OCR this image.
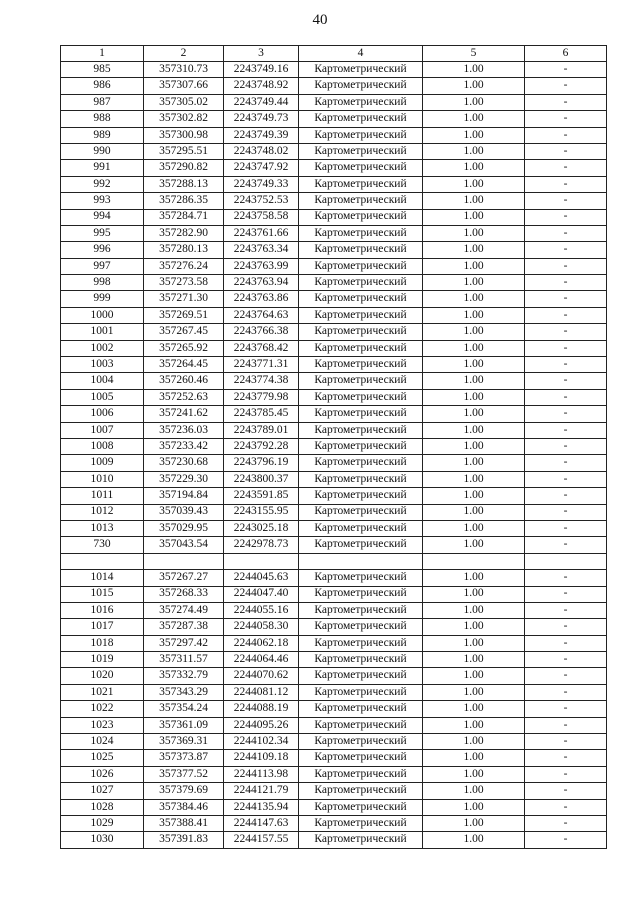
40
1	2	3	4	5	6
985	357310.73	2243749.16	Картометрический	1.00	-
986	357307.66	2243748.92	Картометрический	1.00	-
987	357305.02	2243749.44	Картометрический	1.00	-
988	357302.82	2243749.73	Картометрический	1.00	-
989	357300.98	2243749.39	Картометрический	1.00	-
990	357295.51	2243748.02	Картометрический	1.00	-
991	357290.82	2243747.92	Картометрический	1.00	-
992	357288.13	2243749.33	Картометрический	1.00	-
993	357286.35	2243752.53	Картометрический	1.00	-
994	357284.71	2243758.58	Картометрический	1.00	-
995	357282.90	2243761.66	Картометрический	1.00	-
996	357280.13	2243763.34	Картометрический	1.00	-
997	357276.24	2243763.99	Картометрический	1.00	-
998	357273.58	2243763.94	Картометрический	1.00	-
999	357271.30	2243763.86	Картометрический	1.00	-
1000	357269.51	2243764.63	Картометрический	1.00	-
1001	357267.45	2243766.38	Картометрический	1.00	-
1002	357265.92	2243768.42	Картометрический	1.00	-
1003	357264.45	2243771.31	Картометрический	1.00	-
1004	357260.46	2243774.38	Картометрический	1.00	-
1005	357252.63	2243779.98	Картометрический	1.00	-
1006	357241.62	2243785.45	Картометрический	1.00	-
1007	357236.03	2243789.01	Картометрический	1.00	-
1008	357233.42	2243792.28	Картометрический	1.00	-
1009	357230.68	2243796.19	Картометрический	1.00	-
1010	357229.30	2243800.37	Картометрический	1.00	-
1011	357194.84	2243591.85	Картометрический	1.00	-
1012	357039.43	2243155.95	Картометрический	1.00	-
1013	357029.95	2243025.18	Картометрический	1.00	-
730	357043.54	2242978.73	Картометрический	1.00	-

1014	357267.27	2244045.63	Картометрический	1.00	-
1015	357268.33	2244047.40	Картометрический	1.00	-
1016	357274.49	2244055.16	Картометрический	1.00	-
1017	357287.38	2244058.30	Картометрический	1.00	-
1018	357297.42	2244062.18	Картометрический	1.00	-
1019	357311.57	2244064.46	Картометрический	1.00	-
1020	357332.79	2244070.62	Картометрический	1.00	-
1021	357343.29	2244081.12	Картометрический	1.00	-
1022	357354.24	2244088.19	Картометрический	1.00	-
1023	357361.09	2244095.26	Картометрический	1.00	-
1024	357369.31	2244102.34	Картометрический	1.00	-
1025	357373.87	2244109.18	Картометрический	1.00	-
1026	357377.52	2244113.98	Картометрический	1.00	-
1027	357379.69	2244121.79	Картометрический	1.00	-
1028	357384.46	2244135.94	Картометрический	1.00	-
1029	357388.41	2244147.63	Картометрический	1.00	-
1030	357391.83	2244157.55	Картометрический	1.00	-
